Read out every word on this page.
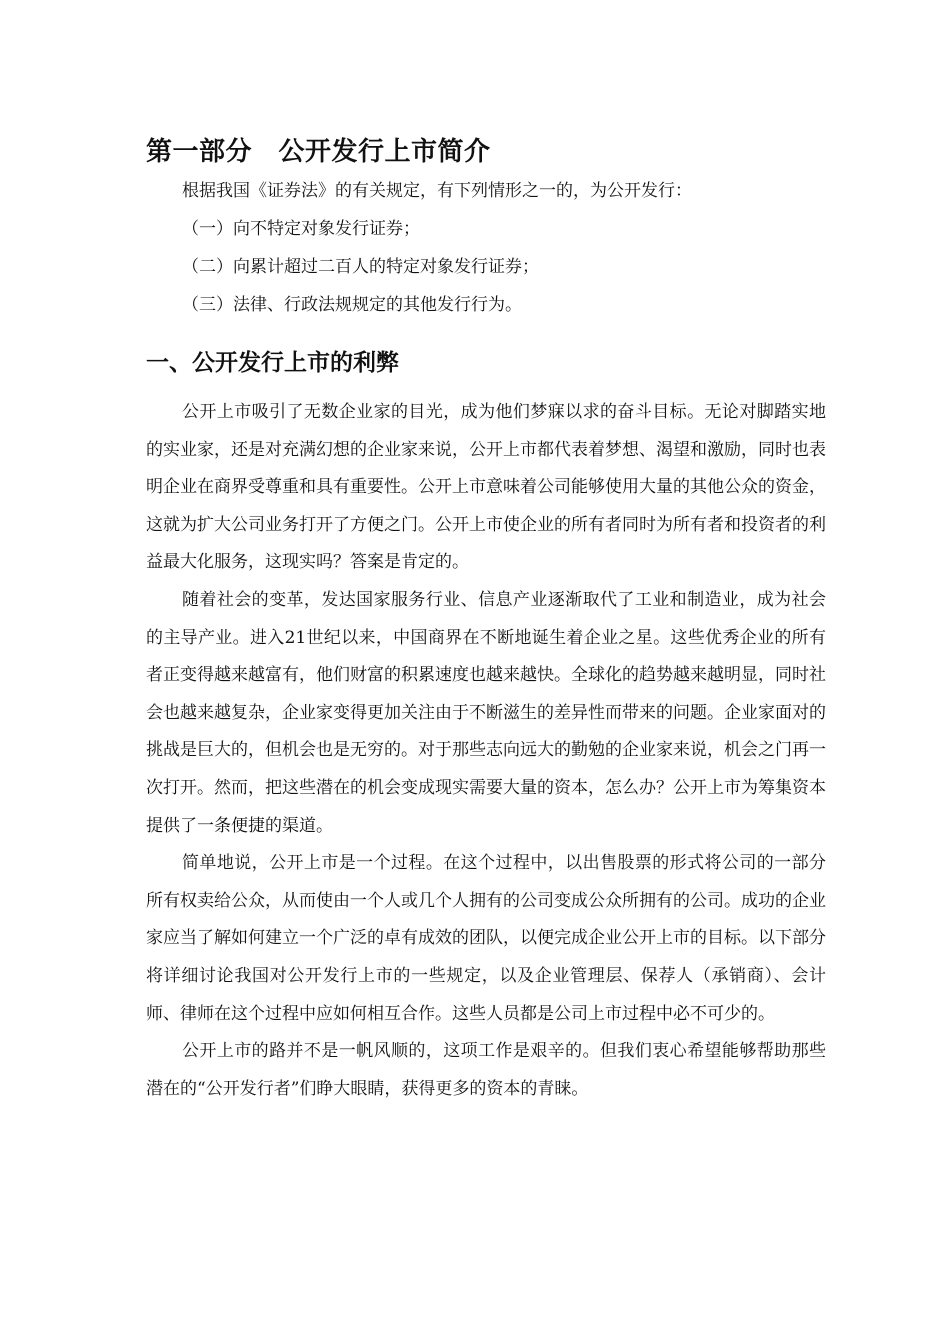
第一部分　公开发行上市简介

根据我国《证券法》的有关规定，有下列情形之一的，为公开发行：

（一）向不特定对象发行证券；

（二）向累计超过二百人的特定对象发行证券；

（三）法律、行政法规规定的其他发行行为。

一、公开发行上市的利弊

公开上市吸引了无数企业家的目光，成为他们梦寐以求的奋斗目标。无论对脚踏实地的实业家，还是对充满幻想的企业家来说，公开上市都代表着梦想、渴望和激励，同时也表明企业在商界受尊重和具有重要性。公开上市意味着公司能够使用大量的其他公众的资金，这就为扩大公司业务打开了方便之门。公开上市使企业的所有者同时为所有者和投资者的利益最大化服务，这现实吗？答案是肯定的。

随着社会的变革，发达国家服务行业、信息产业逐渐取代了工业和制造业，成为社会的主导产业。进入21世纪以来，中国商界在不断地诞生着企业之星。这些优秀企业的所有者正变得越来越富有，他们财富的积累速度也越来越快。全球化的趋势越来越明显，同时社会也越来越复杂，企业家变得更加关注由于不断滋生的差异性而带来的问题。企业家面对的挑战是巨大的，但机会也是无穷的。对于那些志向远大的勤勉的企业家来说，机会之门再一次打开。然而，把这些潜在的机会变成现实需要大量的资本，怎么办？公开上市为筹集资本提供了一条便捷的渠道。

简单地说，公开上市是一个过程。在这个过程中，以出售股票的形式将公司的一部分所有权卖给公众，从而使由一个人或几个人拥有的公司变成公众所拥有的公司。成功的企业家应当了解如何建立一个广泛的卓有成效的团队，以便完成企业公开上市的目标。以下部分将详细讨论我国对公开发行上市的一些规定，以及企业管理层、保荐人（承销商）、会计师、律师在这个过程中应如何相互合作。这些人员都是公司上市过程中必不可少的。

公开上市的路并不是一帆风顺的，这项工作是艰辛的。但我们衷心希望能够帮助那些潜在的“公开发行者”们睁大眼睛，获得更多的资本的青睐。
